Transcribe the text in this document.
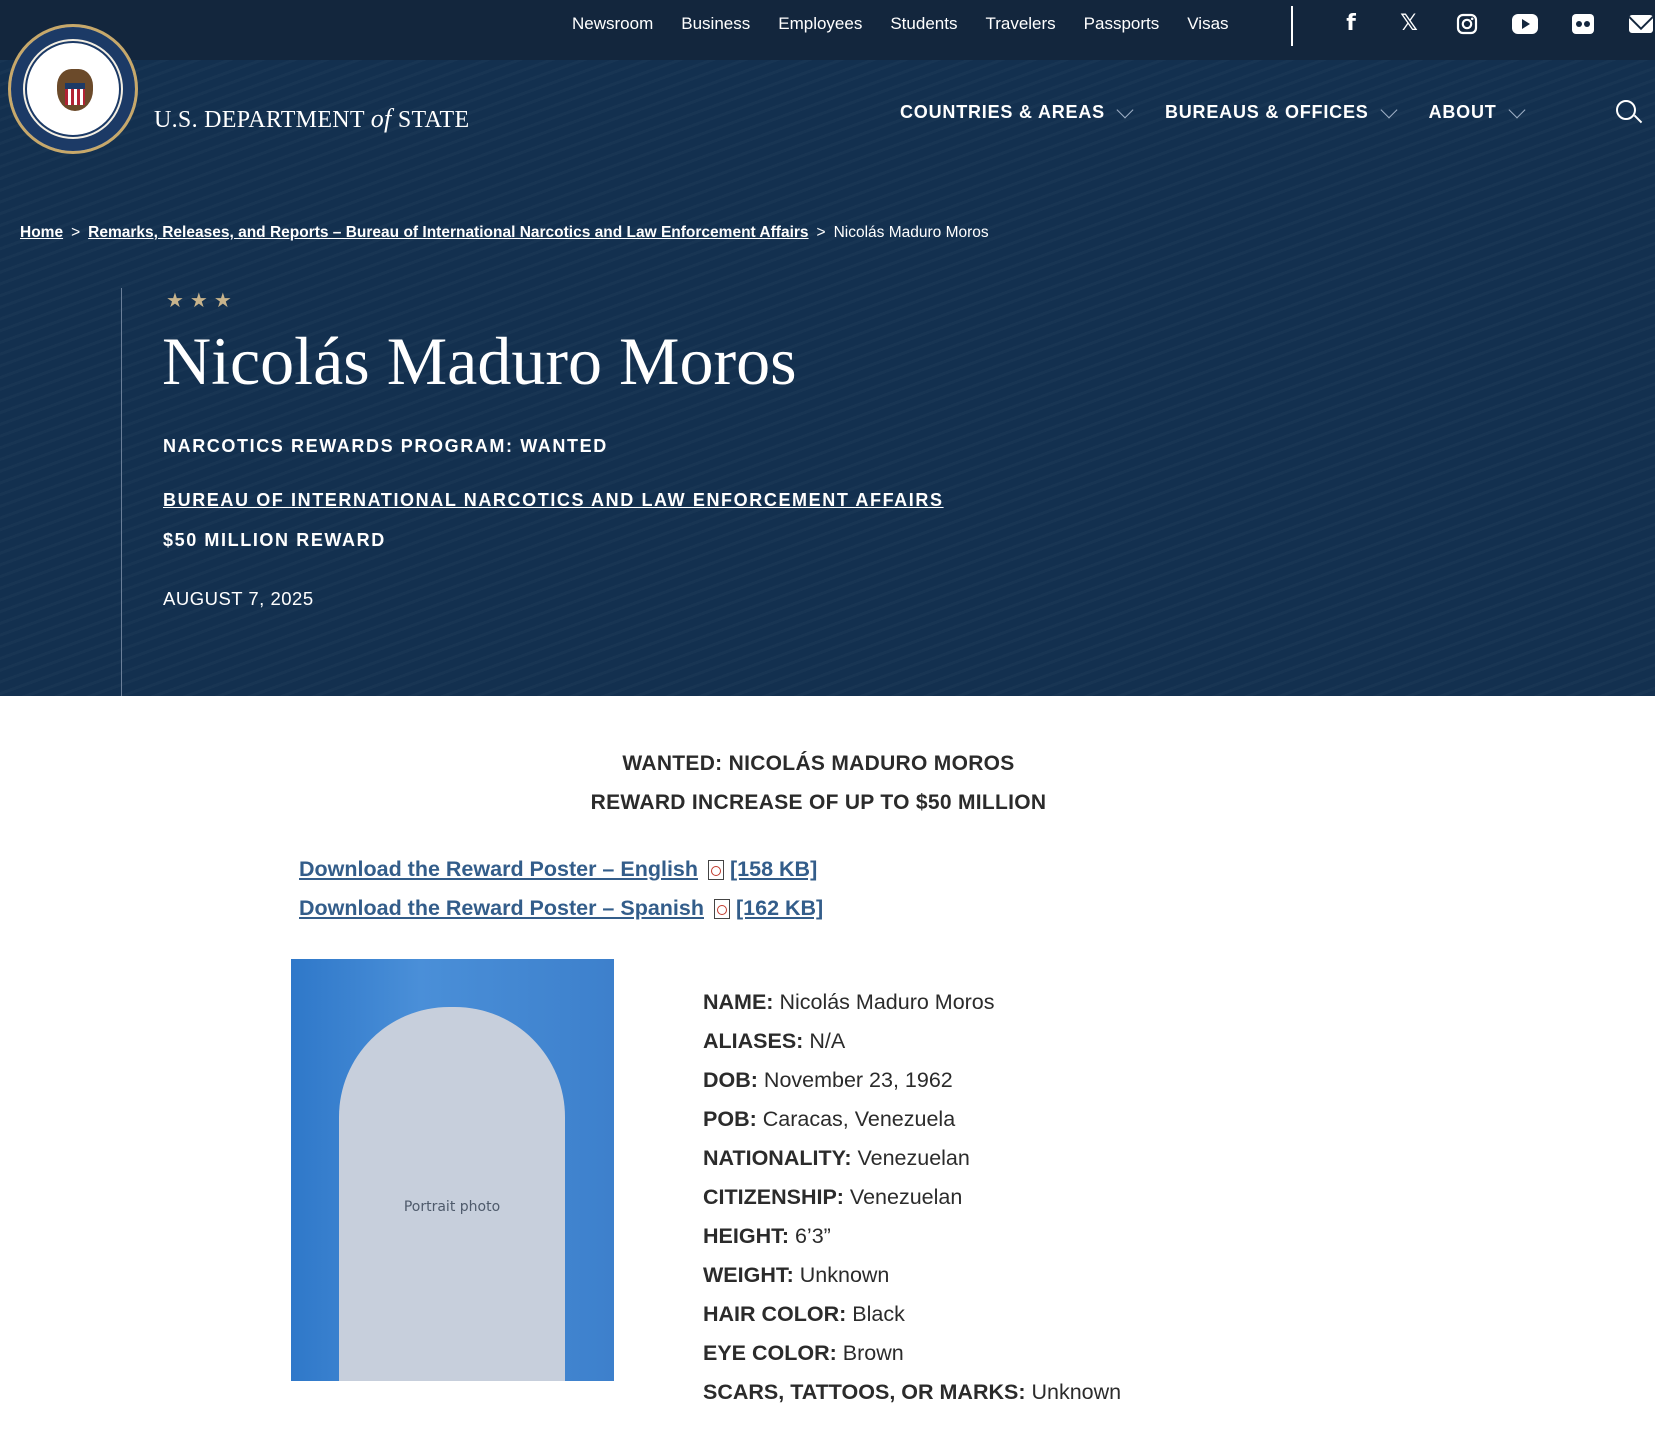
Newsroom Business Employees Students Travelers Passports Visas	f	𝕏
U.S. DEPARTMENT of STATE	COUNTRIES & AREAS	BUREAUS & OFFICES	ABOUT
Home > Remarks, Releases, and Reports – Bureau of International Narcotics and Law Enforcement Affairs > Nicolás Maduro Moros
★★★
Nicolás Maduro Moros
NARCOTICS REWARDS PROGRAM: WANTED
BUREAU OF INTERNATIONAL NARCOTICS AND LAW ENFORCEMENT AFFAIRS
$50 MILLION REWARD
AUGUST 7, 2025
WANTED: NICOLÁS MADURO MOROS
REWARD INCREASE OF UP TO $50 MILLION
Download the Reward Poster – English [158 KB]
Download the Reward Poster – Spanish [162 KB]
Portrait photo
NAME: Nicolás Maduro Moros
ALIASES: N/A
DOB: November 23, 1962
POB: Caracas, Venezuela
NATIONALITY: Venezuelan
CITIZENSHIP: Venezuelan
HEIGHT: 6’3”
WEIGHT: Unknown
HAIR COLOR: Black
EYE COLOR: Brown
SCARS, TATTOOS, OR MARKS: Unknown
